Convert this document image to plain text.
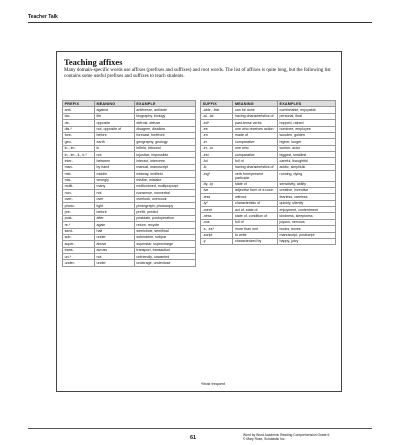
Teacher Talk
Teaching affixes
Many domain-specific words use affixes (prefixes and suffixes) and root words. The list of affixes is quite long, but the following list contains some useful prefixes and suffixes to teach students.
PREFIX	MEANING	EXAMPLE
anti-	against	antifreeze, antidote
bio-	life	biography, biology
de-	opposite	defrost, defuse
dis-*	not, opposite of	disagree, disallow
fore-	before	forecast, forefront
geo-	earth	geography, geology
in-, im-	in	infield, inbound
in-, im-, il-, ir-*	not	injustice, impossible
inter-	between	interact, intervene
man-	by hand	manual, manuscript
mid-	middle	midway, midfield
mis-	wrongly	misfire, mistake
multi-	many	multicolored, multipurpose
non-	not	nonsense, nonverbal
over-	over	overlook, overcook
photo-	light	photograph, photocopy
pre-	before	prefix, predict
post-	after	postdate, postoperation
re-*	again	return, recycle
semi-	half	semicircle, semifinal
sub-	under	submarine, subpar
super-	above	superstar, supercharge
trans-	across	transport, transaction
un-*	not	unfriendly, unwanted
under-	under	underage, underdose
SUFFIX	MEANING	EXAMPLES
-able, -ible	can be done	comfortable, enjoyable
-al, -ial	having characteristics of	personal, final
-ed*	past-tense verbs	hopped, rained
-ee	one who receives action	nominee, employee
-en	made of	wooden, golden
-er	comparative	higher, longer
-er, -or	one who	worker, actor
-est	comparative	biggest, smallest
-ful	full of	careful, thoughtful
-ic	having characteristics of	acidic, simplistic
-ing*	verb form/present participle	running, dying
-ity, -ty	state of	sensitivity, ability
-ive	adjective form of a noun	creative, inventive
-less	without	fearless, careless
-ly*	characteristic of	quickly, silently
-ment	act of, state of	enjoyment, contentment
-ness	state of, condition of	kindness, sleepiness
-ous	full of	joyous, nervous
-s, -es*	more than one	books, boxes
-script	to write	manuscript, postscript
-y	characterized by	happy, juicy
*Most frequent
61	Word by Word Academic Reading Comprehension Grade 6
© Mary Rose, Scholastic Inc.
